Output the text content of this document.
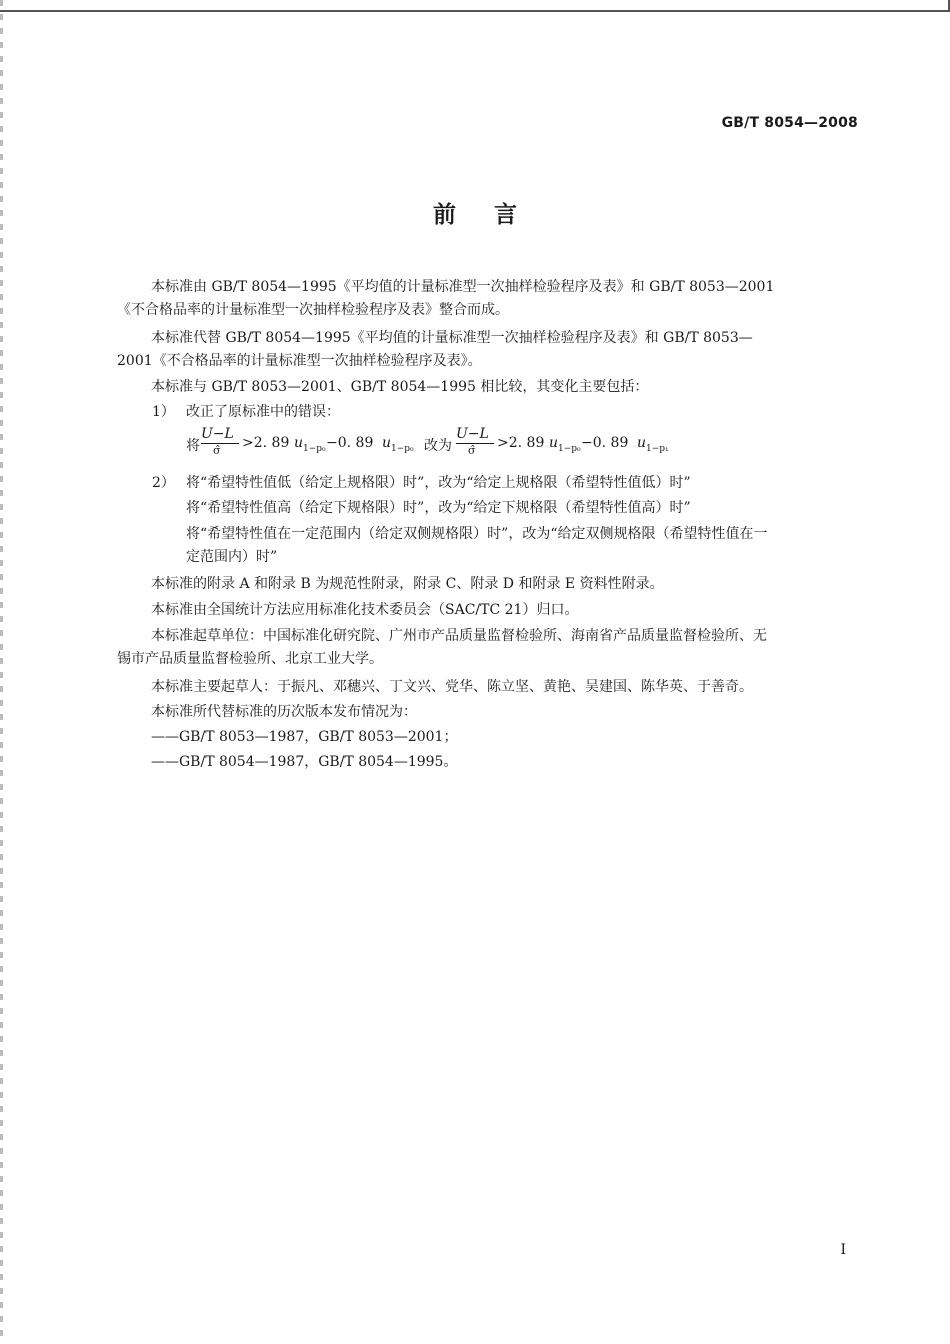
GB/T 8054—2008
前言
本标准由 GB/T 8054—1995《平均值的计量标准型一次抽样检验程序及表》和 GB/T 8053—2001
《不合格品率的计量标准型一次抽样检验程序及表》整合而成。
本标准代替 GB/T 8054—1995《平均值的计量标准型一次抽样检验程序及表》和 GB/T 8053—
2001《不合格品率的计量标准型一次抽样检验程序及表》。
本标准与 GB/T 8053—2001、GB/T 8054—1995 相比较，其变化主要包括：
1） 改正了原标准中的错误：
将
U−L
σ̂ >2. 89 u 1−p₀ −0. 89 u 1−p₀ 改为
U−L
σ̂ >2. 89 u 1−p₀ −0. 89 u 1−p₁
2） 将“希望特性值低（给定上规格限）时”，改为“给定上规格限（希望特性值低）时”
将“希望特性值高（给定下规格限）时”，改为“给定下规格限（希望特性值高）时”
将“希望特性值在一定范围内（给定双侧规格限）时”，改为“给定双侧规格限（希望特性值在一
定范围内）时”
本标准的附录 A 和附录 B 为规范性附录，附录 C、附录 D 和附录 E 资料性附录。
本标准由全国统计方法应用标准化技术委员会（SAC/TC 21）归口。
本标准起草单位：中国标准化研究院、广州市产品质量监督检验所、海南省产品质量监督检验所、无
锡市产品质量监督检验所、北京工业大学。
本标准主要起草人：于振凡、邓穗兴、丁文兴、党华、陈立坚、黄艳、吴建国、陈华英、于善奇。
本标准所代替标准的历次版本发布情况为：
——GB/T 8053—1987，GB/T 8053—2001；
——GB/T 8054—1987，GB/T 8054—1995。
I
